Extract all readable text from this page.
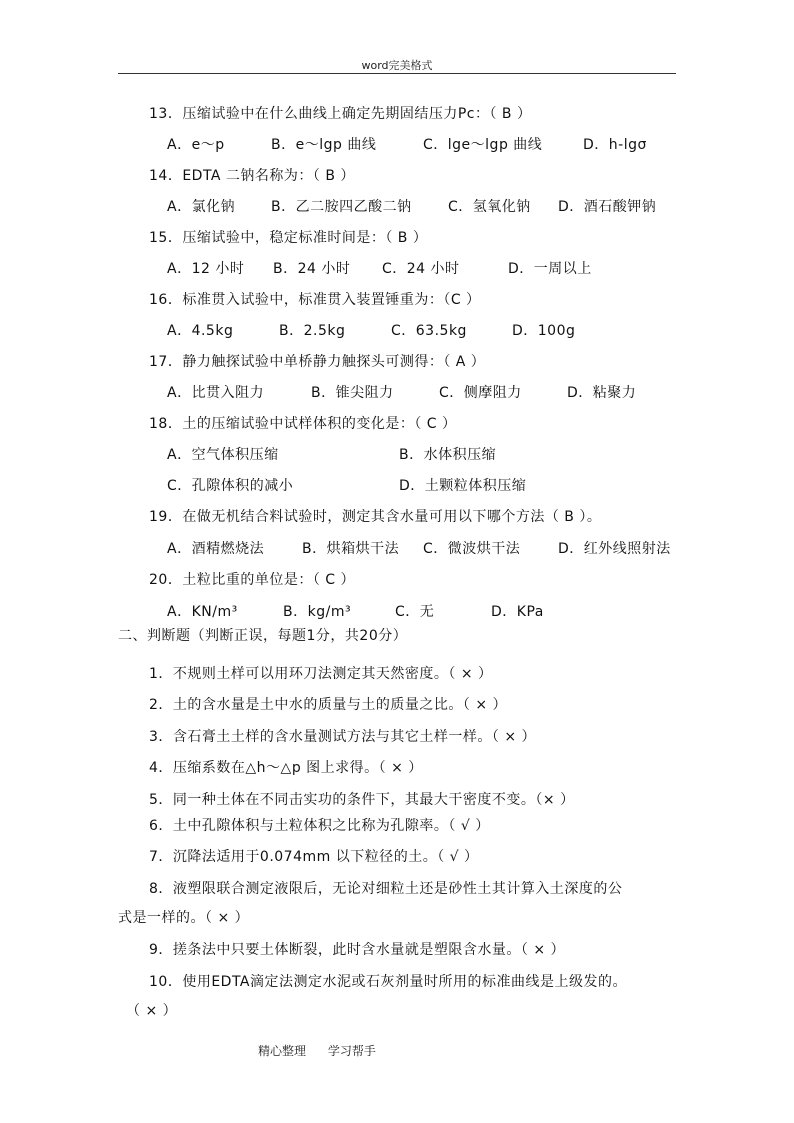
word完美格式
13．压缩试验中在什么曲线上确定先期固结压力Pc：（ B ）
A．e～p	B．e～lgp 曲线	C．lge～lgp 曲线	D．h-lgσ
14．EDTA 二钠名称为：（ B ）
A．氯化钠	B．乙二胺四乙酸二钠	C．氢氧化钠 D．酒石酸钾钠
15．压缩试验中，稳定标准时间是：（ B ）
A．12 小时 B．24 小时 C．24 小时	D．一周以上
16．标准贯入试验中，标准贯入装置锤重为：（C ）
A．4.5kg	B．2.5kg	C．63.5kg	D．100g
17．静力触探试验中单桥静力触探头可测得：（ A ）
A．比贯入阻力	B．锥尖阻力	C．侧摩阻力	D．粘聚力
18．土的压缩试验中试样体积的变化是：（ C ）
A．空气体积压缩	B．水体积压缩
C．孔隙体积的减小	D．土颗粒体积压缩
19．在做无机结合料试验时，测定其含水量可用以下哪个方法（ B ）。
A．酒精燃烧法	B．烘箱烘干法 C．微波烘干法	D．红外线照射法
20．土粒比重的单位是：（ C ）
A．KN/m³	B．kg/m³	C．无	D．KPa
二、判断题（判断正误，每题1分，共20分）
1．不规则土样可以用环刀法测定其天然密度。（ × ）
2．土的含水量是土中水的质量与土的质量之比。（ × ）
3．含石膏土土样的含水量测试方法与其它土样一样。（ × ）
4．压缩系数在△h～△p 图上求得。（ × ）
5．同一种土体在不同击实功的条件下，其最大干密度不变。（× ）
6．土中孔隙体积与土粒体积之比称为孔隙率。（ √ ）
7．沉降法适用于0.074mm 以下粒径的土。（ √ ）
8．液塑限联合测定液限后，无论对细粒土还是砂性土其计算入土深度的公
式是一样的。（ × ）
9．搓条法中只要土体断裂，此时含水量就是塑限含水量。（ × ）
10．使用EDTA滴定法测定水泥或石灰剂量时所用的标准曲线是上级发的。
（ × ）
精心整理 学习帮手
